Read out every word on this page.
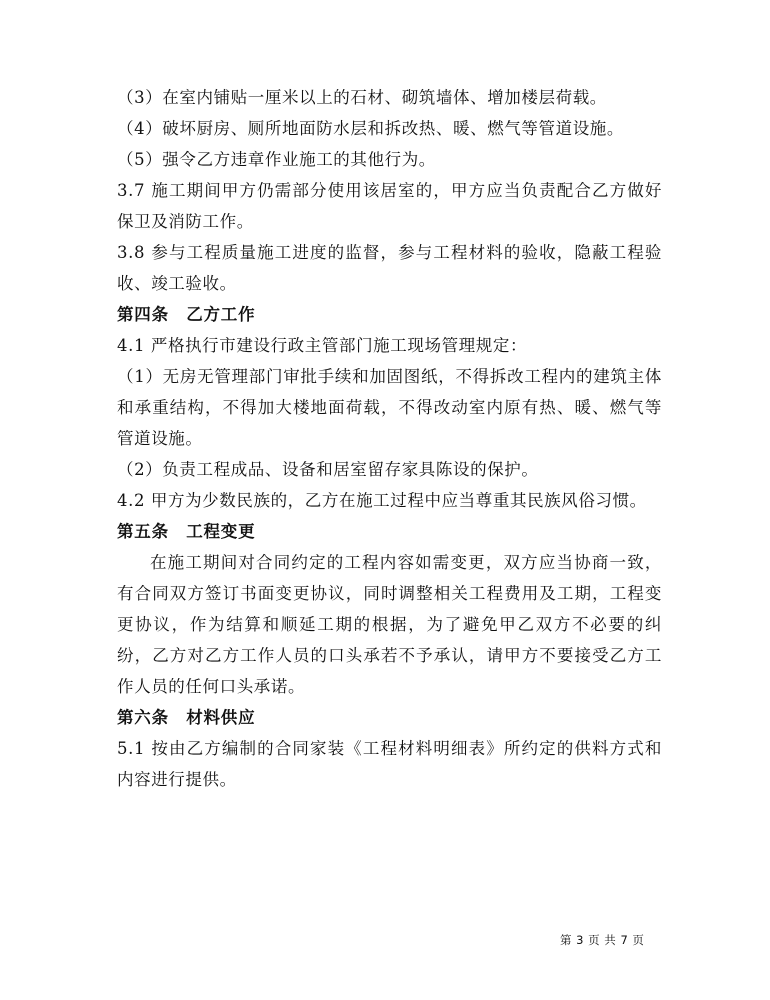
（3）在室内铺贴一厘米以上的石材、砌筑墙体、增加楼层荷载。

（4）破坏厨房、厕所地面防水层和拆改热、暖、燃气等管道设施。

（5）强令乙方违章作业施工的其他行为。

3.7 施工期间甲方仍需部分使用该居室的，甲方应当负责配合乙方做好保卫及消防工作。

3.8 参与工程质量施工进度的监督，参与工程材料的验收，隐蔽工程验收、竣工验收。

第四条　乙方工作

4.1 严格执行市建设行政主管部门施工现场管理规定：

（1）无房无管理部门审批手续和加固图纸，不得拆改工程内的建筑主体和承重结构，不得加大楼地面荷载，不得改动室内原有热、暖、燃气等管道设施。

（2）负责工程成品、设备和居室留存家具陈设的保护。

4.2 甲方为少数民族的，乙方在施工过程中应当尊重其民族风俗习惯。

第五条　工程变更

在施工期间对合同约定的工程内容如需变更，双方应当协商一致，有合同双方签订书面变更协议，同时调整相关工程费用及工期，工程变更协议，作为结算和顺延工期的根据，为了避免甲乙双方不必要的纠纷，乙方对乙方工作人员的口头承若不予承认，请甲方不要接受乙方工作人员的任何口头承诺。

第六条　材料供应

5.1 按由乙方编制的合同家装《工程材料明细表》所约定的供料方式和内容进行提供。

第 3 页 共 7 页
